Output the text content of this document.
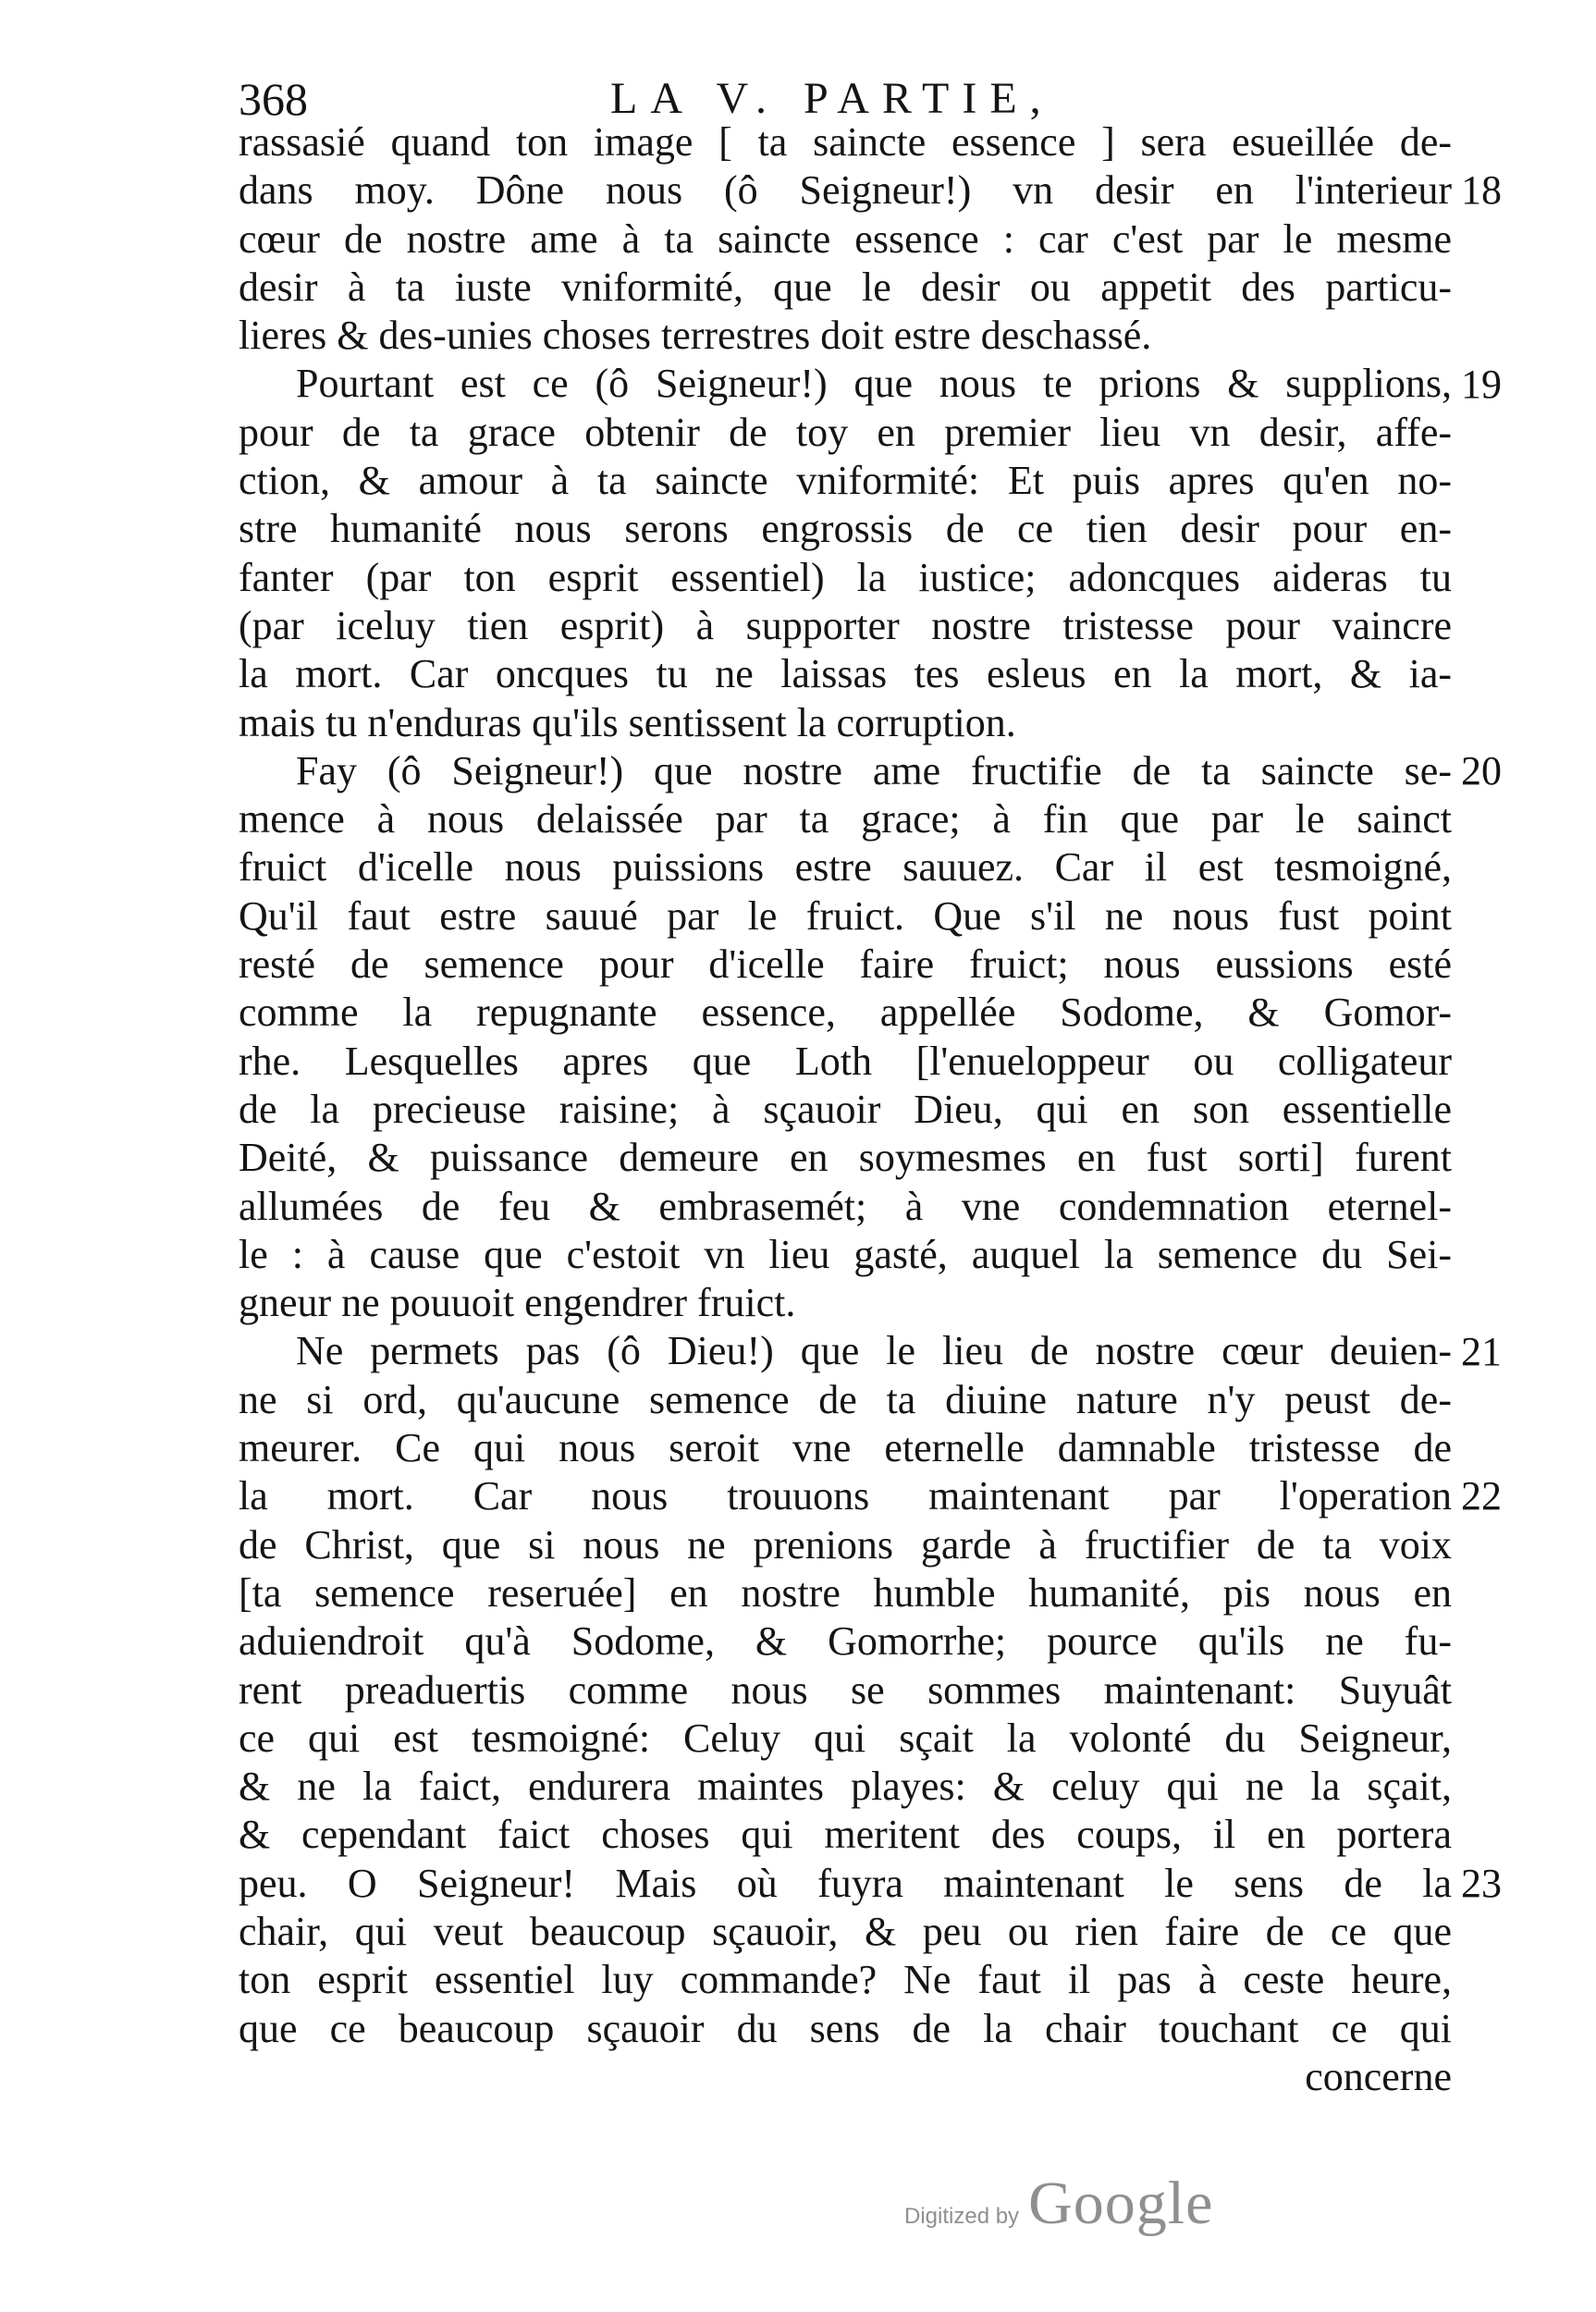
368	LA V. PARTIE,
rassasié quand ton image [ ta saincte essence ] sera esueillée de-
dans moy. Dône nous (ô Seigneur!) vn desir en l'interieur
cœur de nostre ame à ta saincte essence : car c'est par le mesme
desir à ta iuste vniformité, que le desir ou appetit des particu-
lieres & des-unies choses terrestres doit estre deschassé.
Pourtant est ce (ô Seigneur!) que nous te prions & supplions,
pour de ta grace obtenir de toy en premier lieu vn desir, affe-
ction, & amour à ta saincte vniformité: Et puis apres qu'en no-
stre humanité nous serons engrossis de ce tien desir pour en-
fanter (par ton esprit essentiel) la iustice; adoncques aideras tu
(par iceluy tien esprit) à supporter nostre tristesse pour vaincre
la mort. Car oncques tu ne laissas tes esleus en la mort, & ia-
mais tu n'enduras qu'ils sentissent la corruption.
Fay (ô Seigneur!) que nostre ame fructifie de ta saincte se-
mence à nous delaissée par ta grace; à fin que par le sainct
fruict d'icelle nous puissions estre sauuez. Car il est tesmoigné,
Qu'il faut estre sauué par le fruict. Que s'il ne nous fust point
resté de semence pour d'icelle faire fruict; nous eussions esté
comme la repugnante essence, appellée Sodome, & Gomor-
rhe. Lesquelles apres que Loth [l'enueloppeur ou colligateur
de la precieuse raisine; à sçauoir Dieu, qui en son essentielle
Deité, & puissance demeure en soymesmes en fust sorti] furent
allumées de feu & embrasemét; à vne condemnation eternel-
le : à cause que c'estoit vn lieu gasté, auquel la semence du Sei-
gneur ne pouuoit engendrer fruict.
Ne permets pas (ô Dieu!) que le lieu de nostre cœur deuien-
ne si ord, qu'aucune semence de ta diuine nature n'y peust de-
meurer. Ce qui nous seroit vne eternelle damnable tristesse de
la mort. Car nous trouuons maintenant par l'operation
de Christ, que si nous ne prenions garde à fructifier de ta voix
[ta semence reseruée] en nostre humble humanité, pis nous en
aduiendroit qu'à Sodome, & Gomorrhe; pource qu'ils ne fu-
rent preaduertis comme nous se sommes maintenant: Suyuât
ce qui est tesmoigné: Celuy qui sçait la volonté du Seigneur,
& ne la faict, endurera maintes playes: & celuy qui ne la sçait,
& cependant faict choses qui meritent des coups, il en portera
peu. O Seigneur! Mais où fuyra maintenant le sens de la
chair, qui veut beaucoup sçauoir, & peu ou rien faire de ce que
ton esprit essentiel luy commande? Ne faut il pas à ceste heure,
que ce beaucoup sçauoir du sens de la chair touchant ce qui
concerne
18
19
20
21
22
23
Digitized by Google
